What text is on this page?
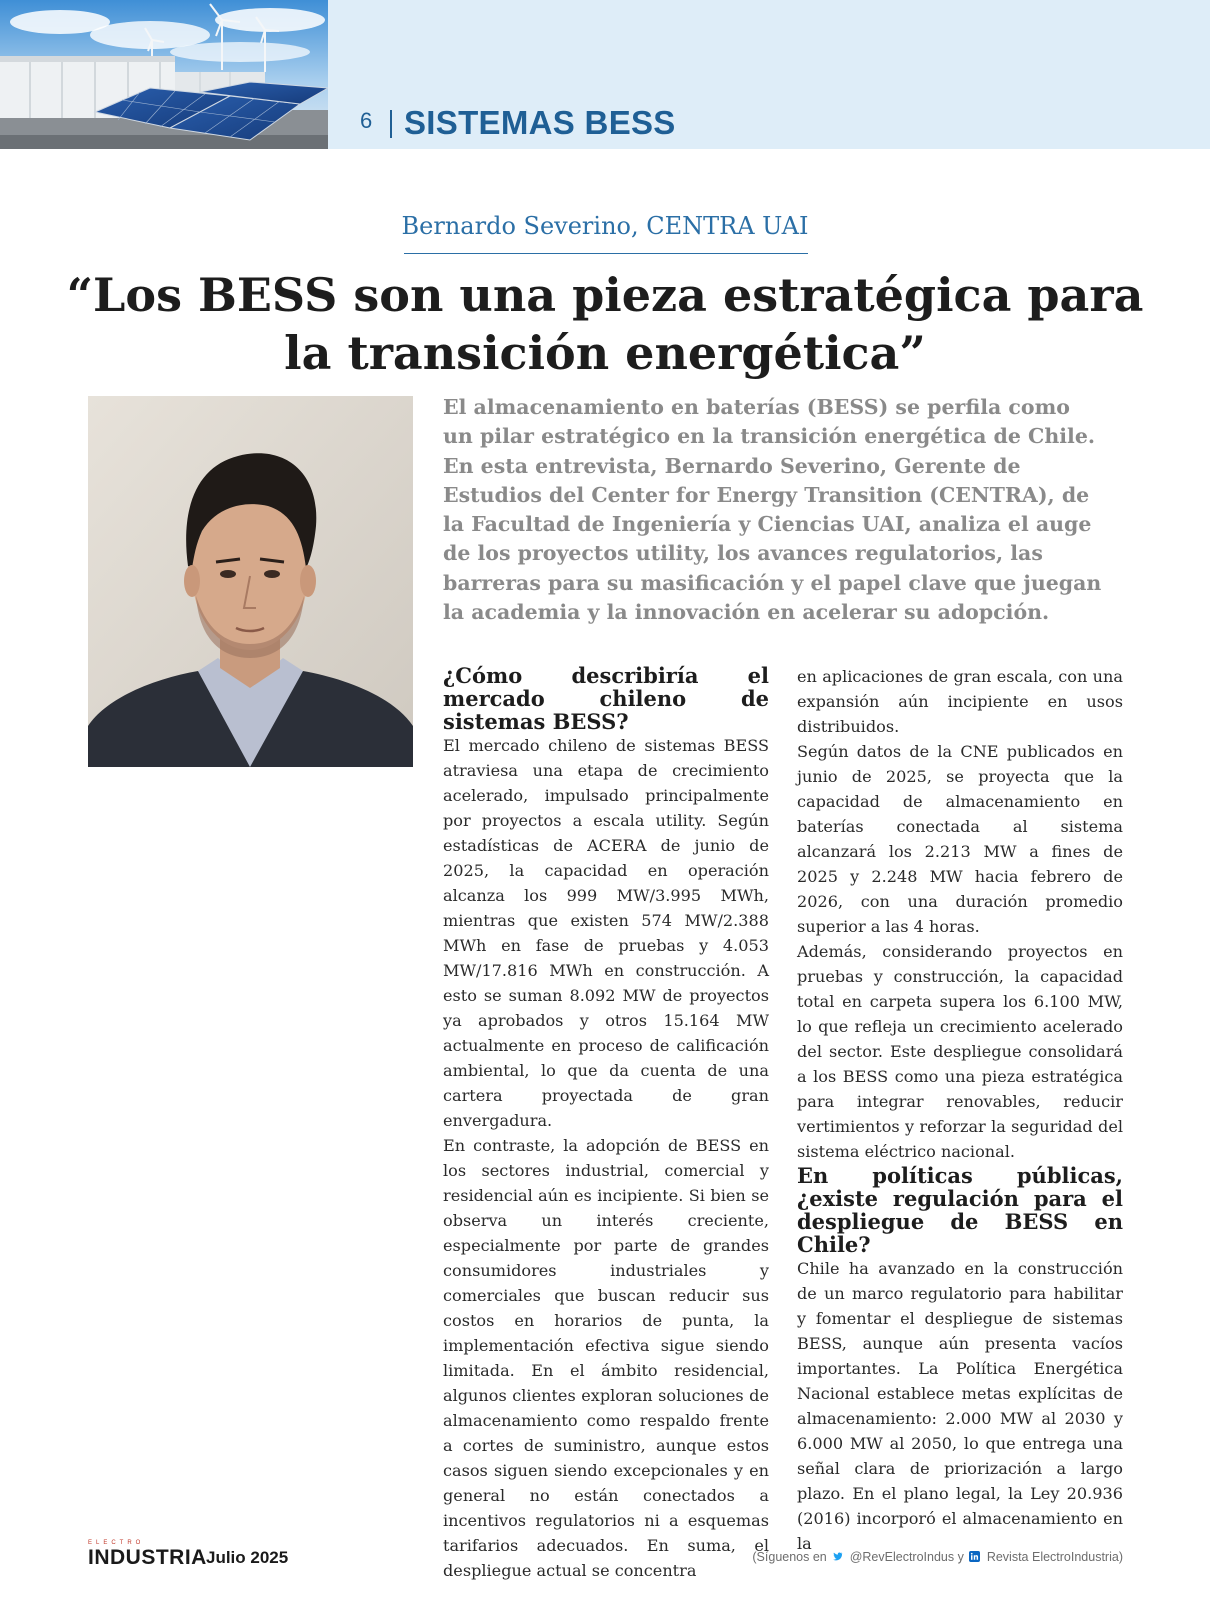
6 SISTEMAS BESS
Bernardo Severino, CENTRA UAI
“Los BESS son una pieza estratégica para la transición energética”
El almacenamiento en baterías (BESS) se perfila como un pilar estratégico en la transición energética de Chile. En esta entrevista, Bernardo Severino, Gerente de Estudios del Center for Energy Transition (CENTRA), de la Facultad de Ingeniería y Ciencias UAI, analiza el auge de los proyectos utility, los avances regulatorios, las barreras para su masificación y el papel clave que juegan la academia y la innovación en acelerar su adopción.

¿Cómo describiría el mercado chileno de sistemas BESS?

El mercado chileno de sistemas BESS atraviesa una etapa de crecimiento acelerado, impulsado principalmente por proyectos a escala utility. Según estadísticas de ACERA de junio de 2025, la capacidad en operación alcanza los 999 MW/3.995 MWh, mientras que existen 574 MW/2.388 MWh en fase de pruebas y 4.053 MW/17.816 MWh en construcción. A esto se suman 8.092 MW de proyectos ya aprobados y otros 15.164 MW actualmente en proceso de calificación ambiental, lo que da cuenta de una cartera proyectada de gran envergadura.

En contraste, la adopción de BESS en los sectores industrial, comercial y residencial aún es incipiente. Si bien se observa un interés creciente, especialmente por parte de grandes consumidores industriales y comerciales que buscan reducir sus costos en horarios de punta, la implementación efectiva sigue siendo limitada. En el ámbito residencial, algunos clientes exploran soluciones de almacenamiento como respaldo frente a cortes de suministro, aunque estos casos siguen siendo excepcionales y en general no están conectados a incentivos regulatorios ni a esquemas tarifarios adecuados. En suma, el despliegue actual se concentra

en aplicaciones de gran escala, con una expansión aún incipiente en usos distribuidos.

Según datos de la CNE publicados en junio de 2025, se proyecta que la capacidad de almacenamiento en baterías conectada al sistema alcanzará los 2.213 MW a fines de 2025 y 2.248 MW hacia febrero de 2026, con una duración promedio superior a las 4 horas.

Además, considerando proyectos en pruebas y construcción, la capacidad total en carpeta supera los 6.100 MW, lo que refleja un crecimiento acelerado del sector. Este despliegue consolidará a los BESS como una pieza estratégica para integrar renovables, reducir vertimientos y reforzar la seguridad del sistema eléctrico nacional.

En políticas públicas, ¿existe regulación para el despliegue de BESS en Chile?

Chile ha avanzado en la construcción de un marco regulatorio para habilitar y fomentar el despliegue de sistemas BESS, aunque aún presenta vacíos importantes. La Política Energética Nacional establece metas explícitas de almacenamiento: 2.000 MW al 2030 y 6.000 MW al 2050, lo que entrega una señal clara de priorización a largo plazo. En el plano legal, la Ley 20.936 (2016) incorporó el almacenamiento en la

ELECTRO
INDUSTRIA Julio 2025	(Síguenos en @RevElectroIndus y Revista ElectroIndustria)
